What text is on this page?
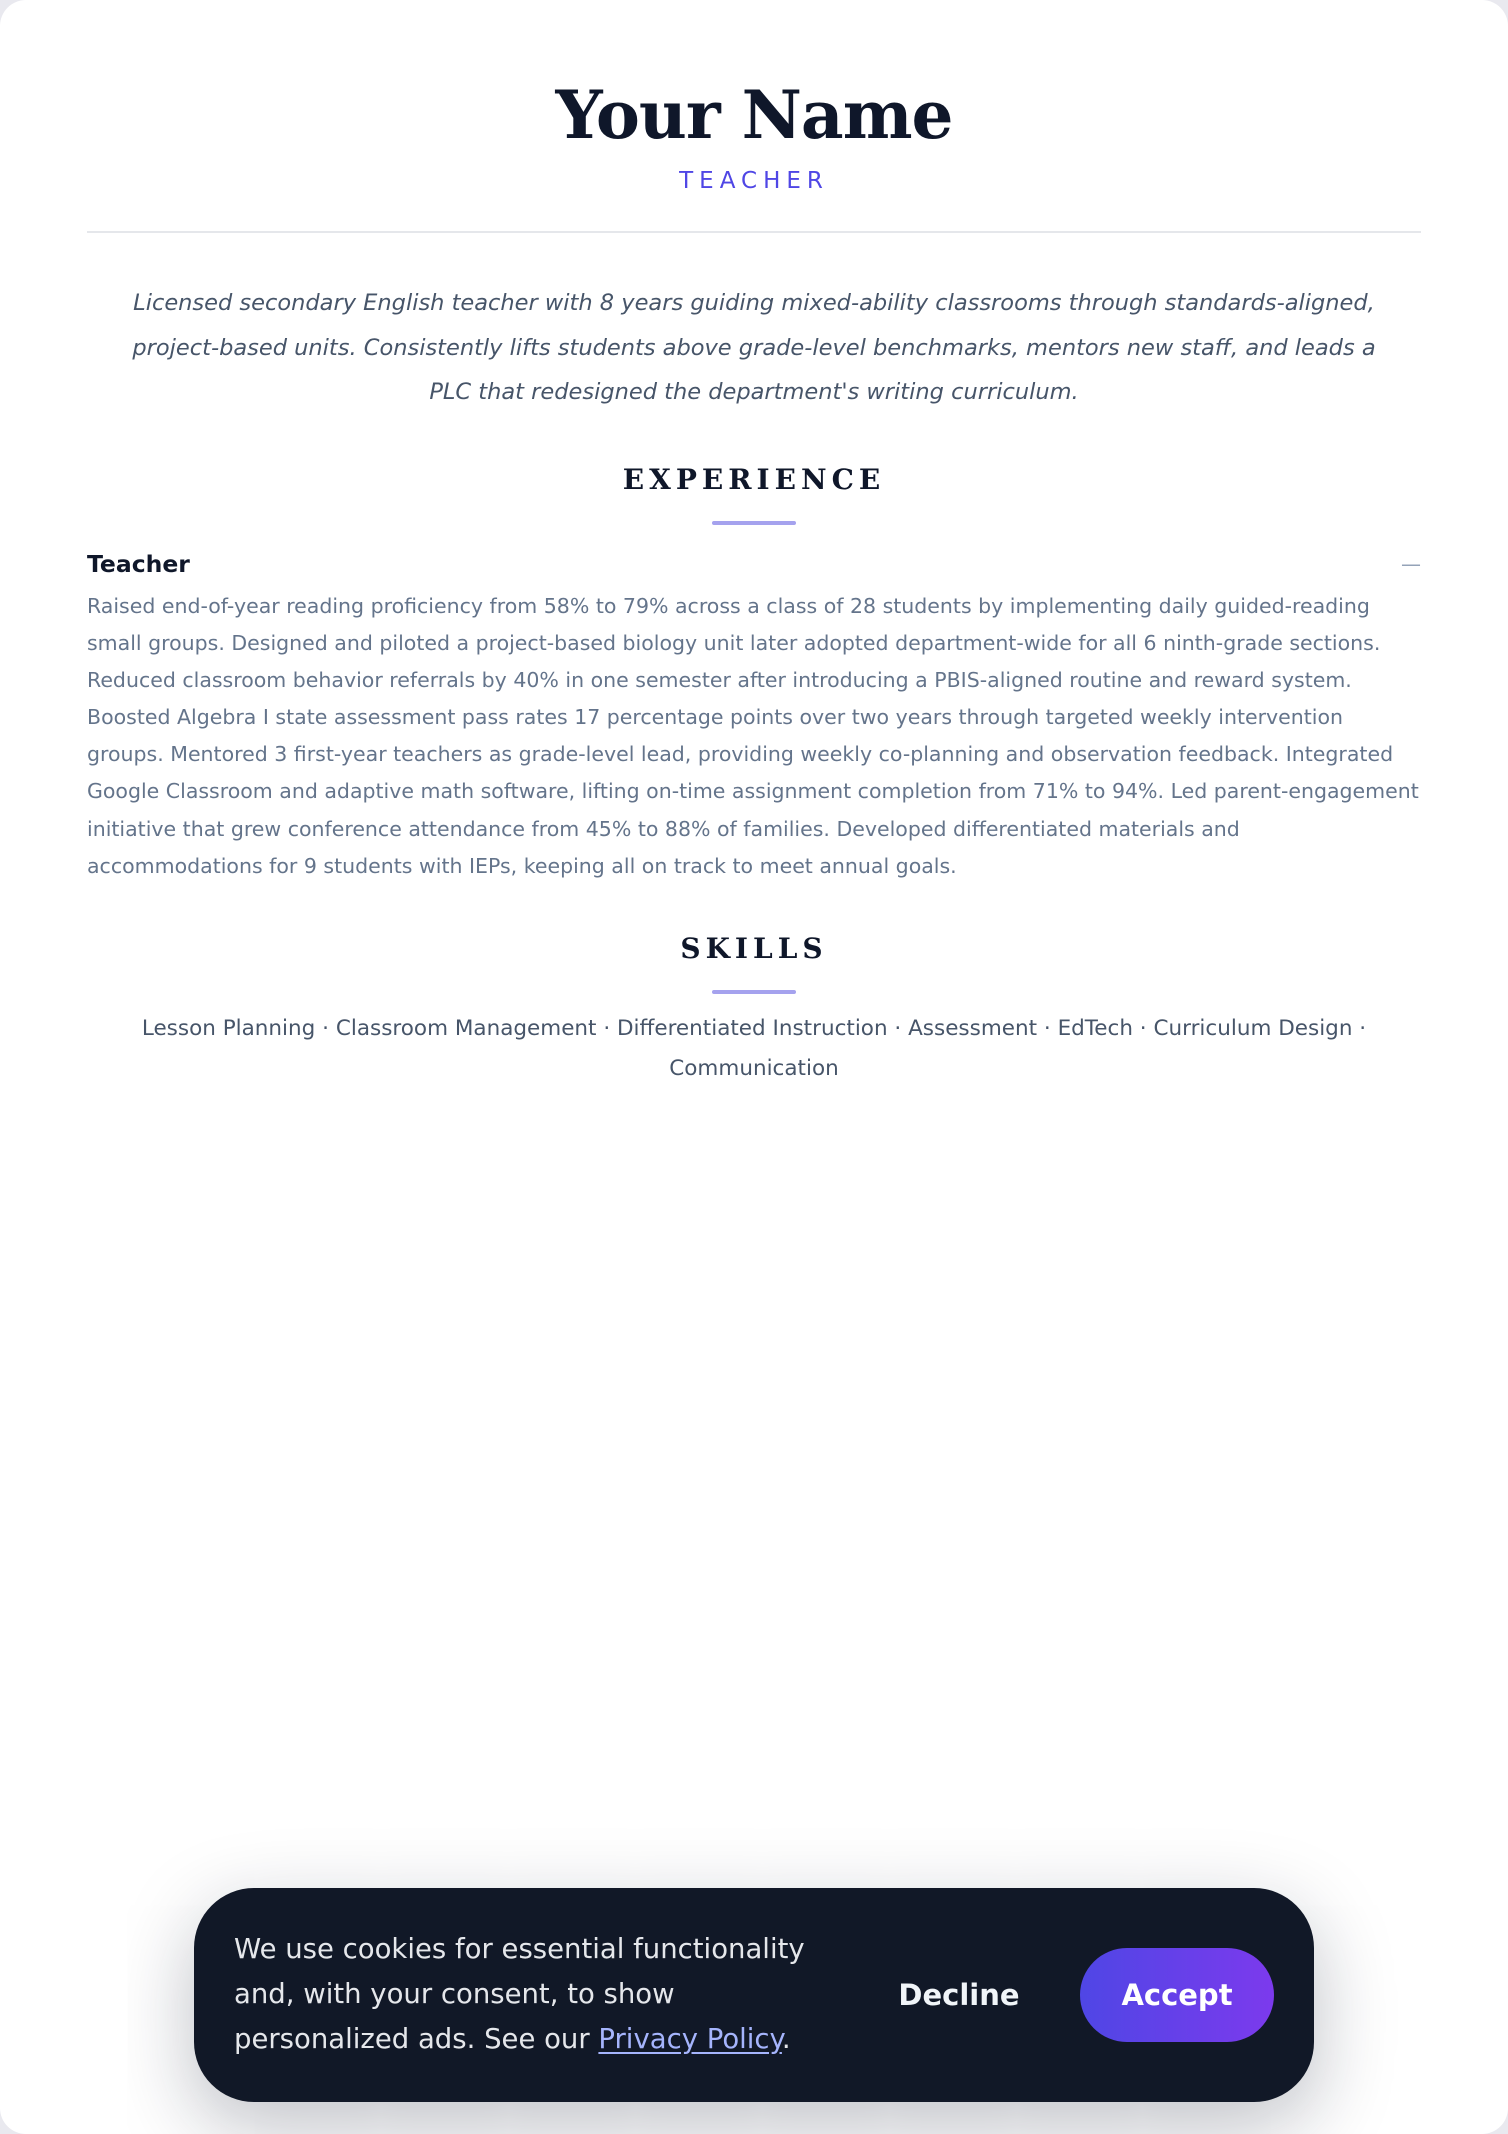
Your Name
TEACHER

Licensed secondary English teacher with 8 years guiding mixed-ability classrooms through standards-aligned, project-based units. Consistently lifts students above grade-level benchmarks, mentors new staff, and leads a PLC that redesigned the department's writing curriculum.

EXPERIENCE
Teacher	—

Raised end-of-year reading proficiency from 58% to 79% across a class of 28 students by implementing daily guided-reading small groups. Designed and piloted a project-based biology unit later adopted department-wide for all 6 ninth-grade sections. Reduced classroom behavior referrals by 40% in one semester after introducing a PBIS-aligned routine and reward system. Boosted Algebra I state assessment pass rates 17 percentage points over two years through targeted weekly intervention groups. Mentored 3 first-year teachers as grade-level lead, providing weekly co-planning and observation feedback. Integrated Google Classroom and adaptive math software, lifting on-time assignment completion from 71% to 94%. Led parent-engagement initiative that grew conference attendance from 45% to 88% of families. Developed differentiated materials and accommodations for 9 students with IEPs, keeping all on track to meet annual goals.

SKILLS

Lesson Planning · Classroom Management · Differentiated Instruction · Assessment · EdTech · Curriculum Design · Communication

We use cookies for essential functionality and, with your consent, to show personalized ads. See our Privacy Policy.

Decline	Accept
